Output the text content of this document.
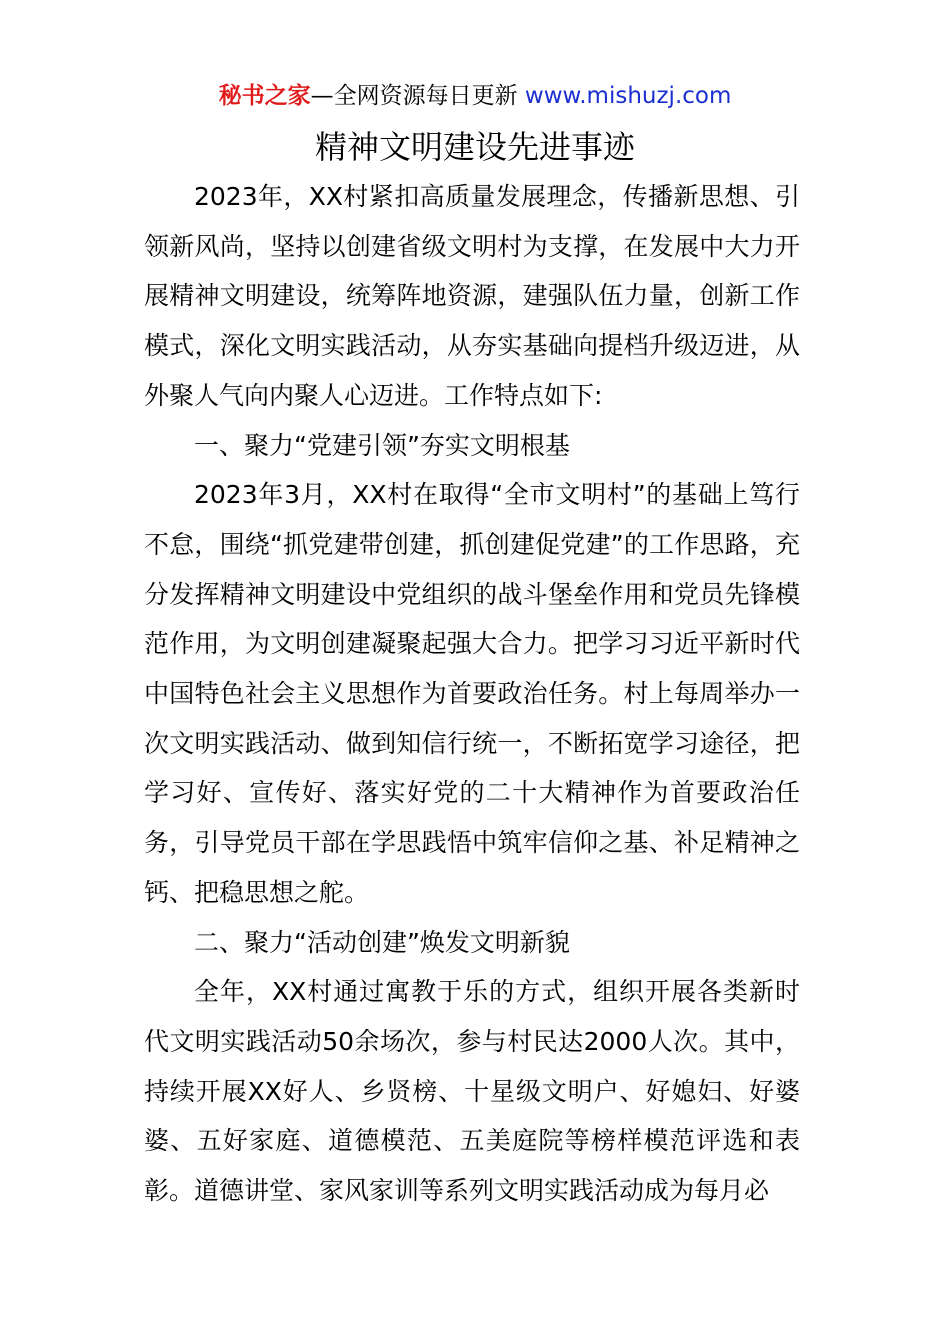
秘书之家—全网资源每日更新 www.mishuzj.com
精神文明建设先进事迹

2023年，XX村紧扣高质量发展理念，传播新思想、引领新风尚，坚持以创建省级文明村为支撑，在发展中大力开展精神文明建设，统筹阵地资源，建强队伍力量，创新工作模式，深化文明实践活动，从夯实基础向提档升级迈进，从外聚人气向内聚人心迈进。工作特点如下:

一、聚力“党建引领”夯实文明根基

2023年3月，XX村在取得“全市文明村”的基础上笃行不怠，围绕“抓党建带创建，抓创建促党建”的工作思路，充分发挥精神文明建设中党组织的战斗堡垒作用和党员先锋模范作用，为文明创建凝聚起强大合力。把学习习近平新时代中国特色社会主义思想作为首要政治任务。村上每周举办一次文明实践活动、做到知信行统一，不断拓宽学习途径，把学习好、宣传好、落实好党的二十大精神作为首要政治任务，引导党员干部在学思践悟中筑牢信仰之基、补足精神之钙、把稳思想之舵。

二、聚力“活动创建”焕发文明新貌

全年，XX村通过寓教于乐的方式，组织开展各类新时代文明实践活动50余场次，参与村民达2000人次。其中，持续开展XX好人、乡贤榜、十星级文明户、好媳妇、好婆婆、五好家庭、道德模范、五美庭院等榜样模范评选和表彰。道德讲堂、家风家训等系列文明实践活动成为每月必
